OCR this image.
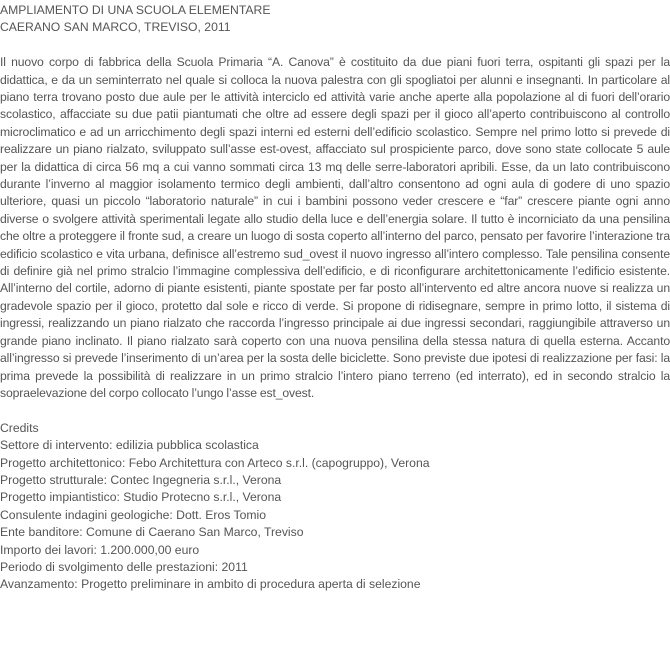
AMPLIAMENTO DI UNA SCUOLA ELEMENTARE
CAERANO SAN MARCO, TREVISO, 2011

Il nuovo corpo di fabbrica della Scuola Primaria “A. Canova” è costituito da due piani fuori terra, ospitanti gli spazi per la didattica, e da un seminterrato nel quale si colloca la nuova palestra con gli spogliatoi per alunni e insegnanti. In particolare al piano terra trovano posto due aule per le attività interciclo ed attività varie anche aperte alla popolazione al di fuori dell’orario scolastico, affacciate su due patii piantumati che oltre ad essere degli spazi per il gioco all’aperto contribuiscono al controllo microclimatico e ad un arricchimento degli spazi interni ed esterni dell’edificio scolastico. Sempre nel primo lotto si prevede di realizzare un piano rialzato, sviluppato sull’asse est-ovest, affacciato sul prospiciente parco, dove sono state collocate 5 aule per la didattica di circa 56 mq a cui vanno sommati circa 13 mq delle serre-laboratori apribili. Esse, da un lato contribuiscono durante l’inverno al maggior isolamento termico degli ambienti, dall’altro consentono ad ogni aula di godere di uno spazio ulteriore, quasi un piccolo “laboratorio naturale” in cui i bambini possono veder crescere e “far” crescere piante ogni anno diverse o svolgere attività sperimentali legate allo studio della luce e dell’energia solare. Il tutto è incorniciato da una pensilina che oltre a proteggere il fronte sud, a creare un luogo di sosta coperto all’interno del parco, pensato per favorire l’interazione tra edificio scolastico e vita urbana, definisce all’estremo sud_ovest il nuovo ingresso all’intero complesso. Tale pensilina consente di definire già nel primo stralcio l’immagine complessiva dell’edificio, e di riconfigurare architettonicamente l’edificio esistente. All’interno del cortile, adorno di piante esistenti, piante spostate per far posto all’intervento ed altre ancora nuove si realizza un gradevole spazio per il gioco, protetto dal sole e ricco di verde. Si propone di ridisegnare, sempre in primo lotto, il sistema di ingressi, realizzando un piano rialzato che raccorda l’ingresso principale ai due ingressi secondari, raggiungibile attraverso un grande piano inclinato. Il piano rialzato sarà coperto con una nuova pensilina della stessa natura di quella esterna. Accanto all’ingresso si prevede l’inserimento di un’area per la sosta delle biciclette. Sono previste due ipotesi di realizzazione per fasi: la prima prevede la possibilità di realizzare in un primo stralcio l’intero piano terreno (ed interrato), ed in secondo stralcio la sopraelevazione del corpo collocato l’ungo l’asse est_ovest.

Credits
Settore di intervento: edilizia pubblica scolastica
Progetto architettonico: Febo Architettura con Arteco s.r.l. (capogruppo), Verona
Progetto strutturale: Contec Ingegneria s.r.l., Verona
Progetto impiantistico: Studio Protecno s.r.l., Verona
Consulente indagini geologiche: Dott. Eros Tomio
Ente banditore: Comune di Caerano San Marco, Treviso
Importo dei lavori: 1.200.000,00 euro
Periodo di svolgimento delle prestazioni: 2011
Avanzamento: Progetto preliminare in ambito di procedura aperta di selezione
